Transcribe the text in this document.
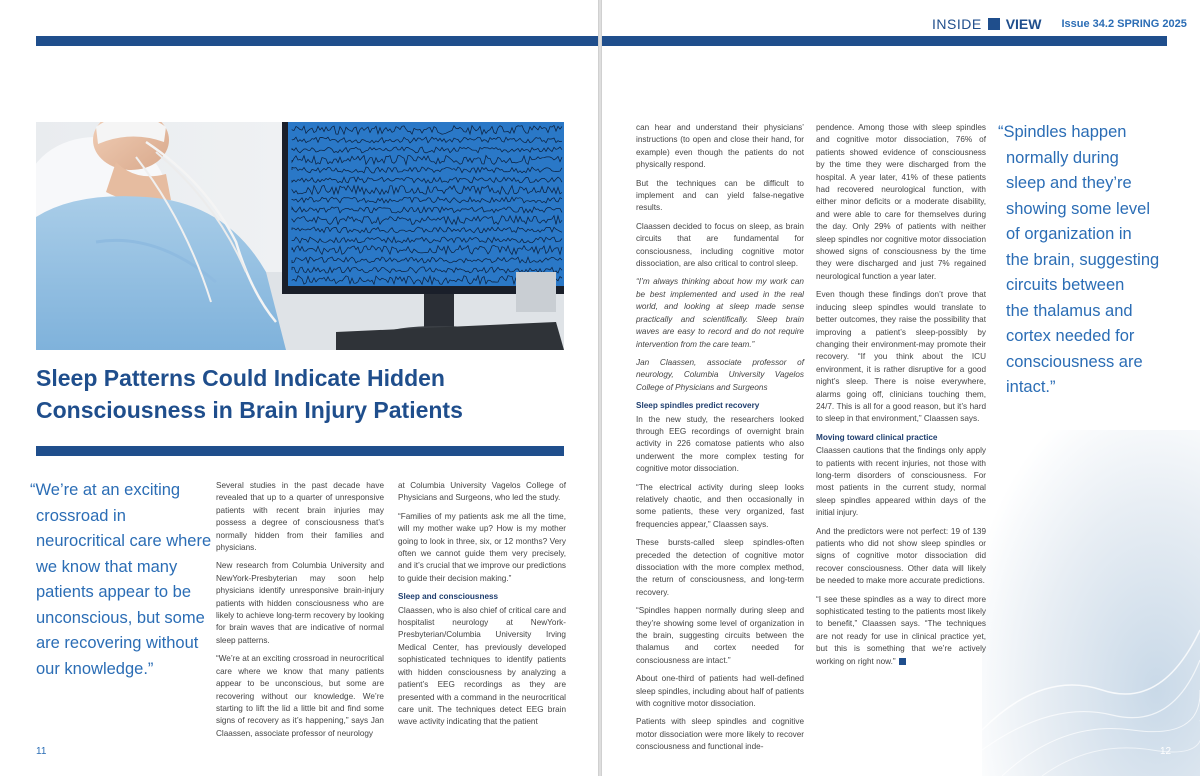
Sleep Patterns Could Indicate Hidden
Consciousness in Brain Injury Patients
“We’re at an exciting
crossroad in
neurocritical care where
we know that many
patients appear to be
unconscious, but some
are recovering without
our knowledge.”

Several studies in the past decade have revealed that up to a quarter of unresponsive patients with recent brain injuries may possess a degree of consciousness that’s normally hidden from their families and physicians.

New research from Columbia University and NewYork-Presbyterian may soon help physicians identify unresponsive brain-injury patients with hidden consciousness who are likely to achieve long-term recovery by looking for brain waves that are indicative of normal sleep patterns.

“We’re at an exciting crossroad in neurocritical care where we know that many patients appear to be unconscious, but some are recovering without our knowledge. We’re starting to lift the lid a little bit and find some signs of recovery as it’s happening,” says Jan Claassen, associate professor of neurology

at Columbia University Vagelos College of Physicians and Surgeons, who led the study.

“Families of my patients ask me all the time, will my mother wake up? How is my mother going to look in three, six, or 12 months? Very often we cannot guide them very precisely, and it’s crucial that we improve our predictions to guide their decision making.”

Sleep and consciousness

Claassen, who is also chief of critical care and hospitalist neurology at NewYork-Presbyterian/Columbia University Irving Medical Center, has previously developed sophisticated techniques to identify patients with hidden consciousness by analyzing a patient’s EEG recordings as they are presented with a command in the neurocritical care unit. The techniques detect EEG brain wave activity indicating that the patient

11
INSIDE VIEW Issue 34.2 SPRING 2025

can hear and understand their physicians’ instructions (to open and close their hand, for example) even though the patients do not physically respond.

But the techniques can be difficult to implement and can yield false-negative results.

Claassen decided to focus on sleep, as brain circuits that are fundamental for consciousness, including cognitive motor dissociation, are also critical to control sleep.

“I’m always thinking about how my work can be best implemented and used in the real world, and looking at sleep made sense practically and scientifically. Sleep brain waves are easy to record and do not require intervention from the care team.”

Jan Claassen, associate professor of neurology, Columbia University Vagelos College of Physicians and Surgeons

Sleep spindles predict recovery

In the new study, the researchers looked through EEG recordings of overnight brain activity in 226 comatose patients who also underwent the more complex testing for cognitive motor dissociation.

“The electrical activity during sleep looks relatively chaotic, and then occasionally in some patients, these very organized, fast frequencies appear,” Claassen says.

These bursts-called sleep spindles-often preceded the detection of cognitive motor dissociation with the more complex method, the return of consciousness, and long-term recovery.

“Spindles happen normally during sleep and they’re showing some level of organization in the brain, suggesting circuits between the thalamus and cortex needed for consciousness are intact.”

About one-third of patients had well-defined sleep spindles, including about half of patients with cognitive motor dissociation.

Patients with sleep spindles and cognitive motor dissociation were more likely to recover consciousness and functional inde-

pendence. Among those with sleep spindles and cognitive motor dissociation, 76% of patients showed evidence of consciousness by the time they were discharged from the hospital. A year later, 41% of these patients had recovered neurological function, with either minor deficits or a moderate disability, and were able to care for themselves during the day. Only 29% of patients with neither sleep spindles nor cognitive motor dissociation showed signs of consciousness by the time they were discharged and just 7% regained neurological function a year later.

Even though these findings don’t prove that inducing sleep spindles would translate to better outcomes, they raise the possibility that improving a patient’s sleep-possibly by changing their environment-may promote their recovery. “If you think about the ICU environment, it is rather disruptive for a good night’s sleep. There is noise everywhere, alarms going off, clinicians touching them, 24/7. This is all for a good reason, but it’s hard to sleep in that environment,” Claassen says.

Moving toward clinical practice

Claassen cautions that the findings only apply to patients with recent injuries, not those with long-term disorders of consciousness. For most patients in the current study, normal sleep spindles appeared within days of the initial injury.

And the predictors were not perfect: 19 of 139 patients who did not show sleep spindles or signs of cognitive motor dissociation did recover consciousness. Other data will likely be needed to make more accurate predictions.

“I see these spindles as a way to direct more sophisticated testing to the patients most likely to benefit,” Claassen says. “The techniques are not ready for use in clinical practice yet, but this is something that we’re actively working on right now.”

“Spindles happen
normally during
sleep and they’re
showing some level
of organization in
the brain, suggesting
circuits between
the thalamus and
cortex needed for
consciousness are
intact.”
12
